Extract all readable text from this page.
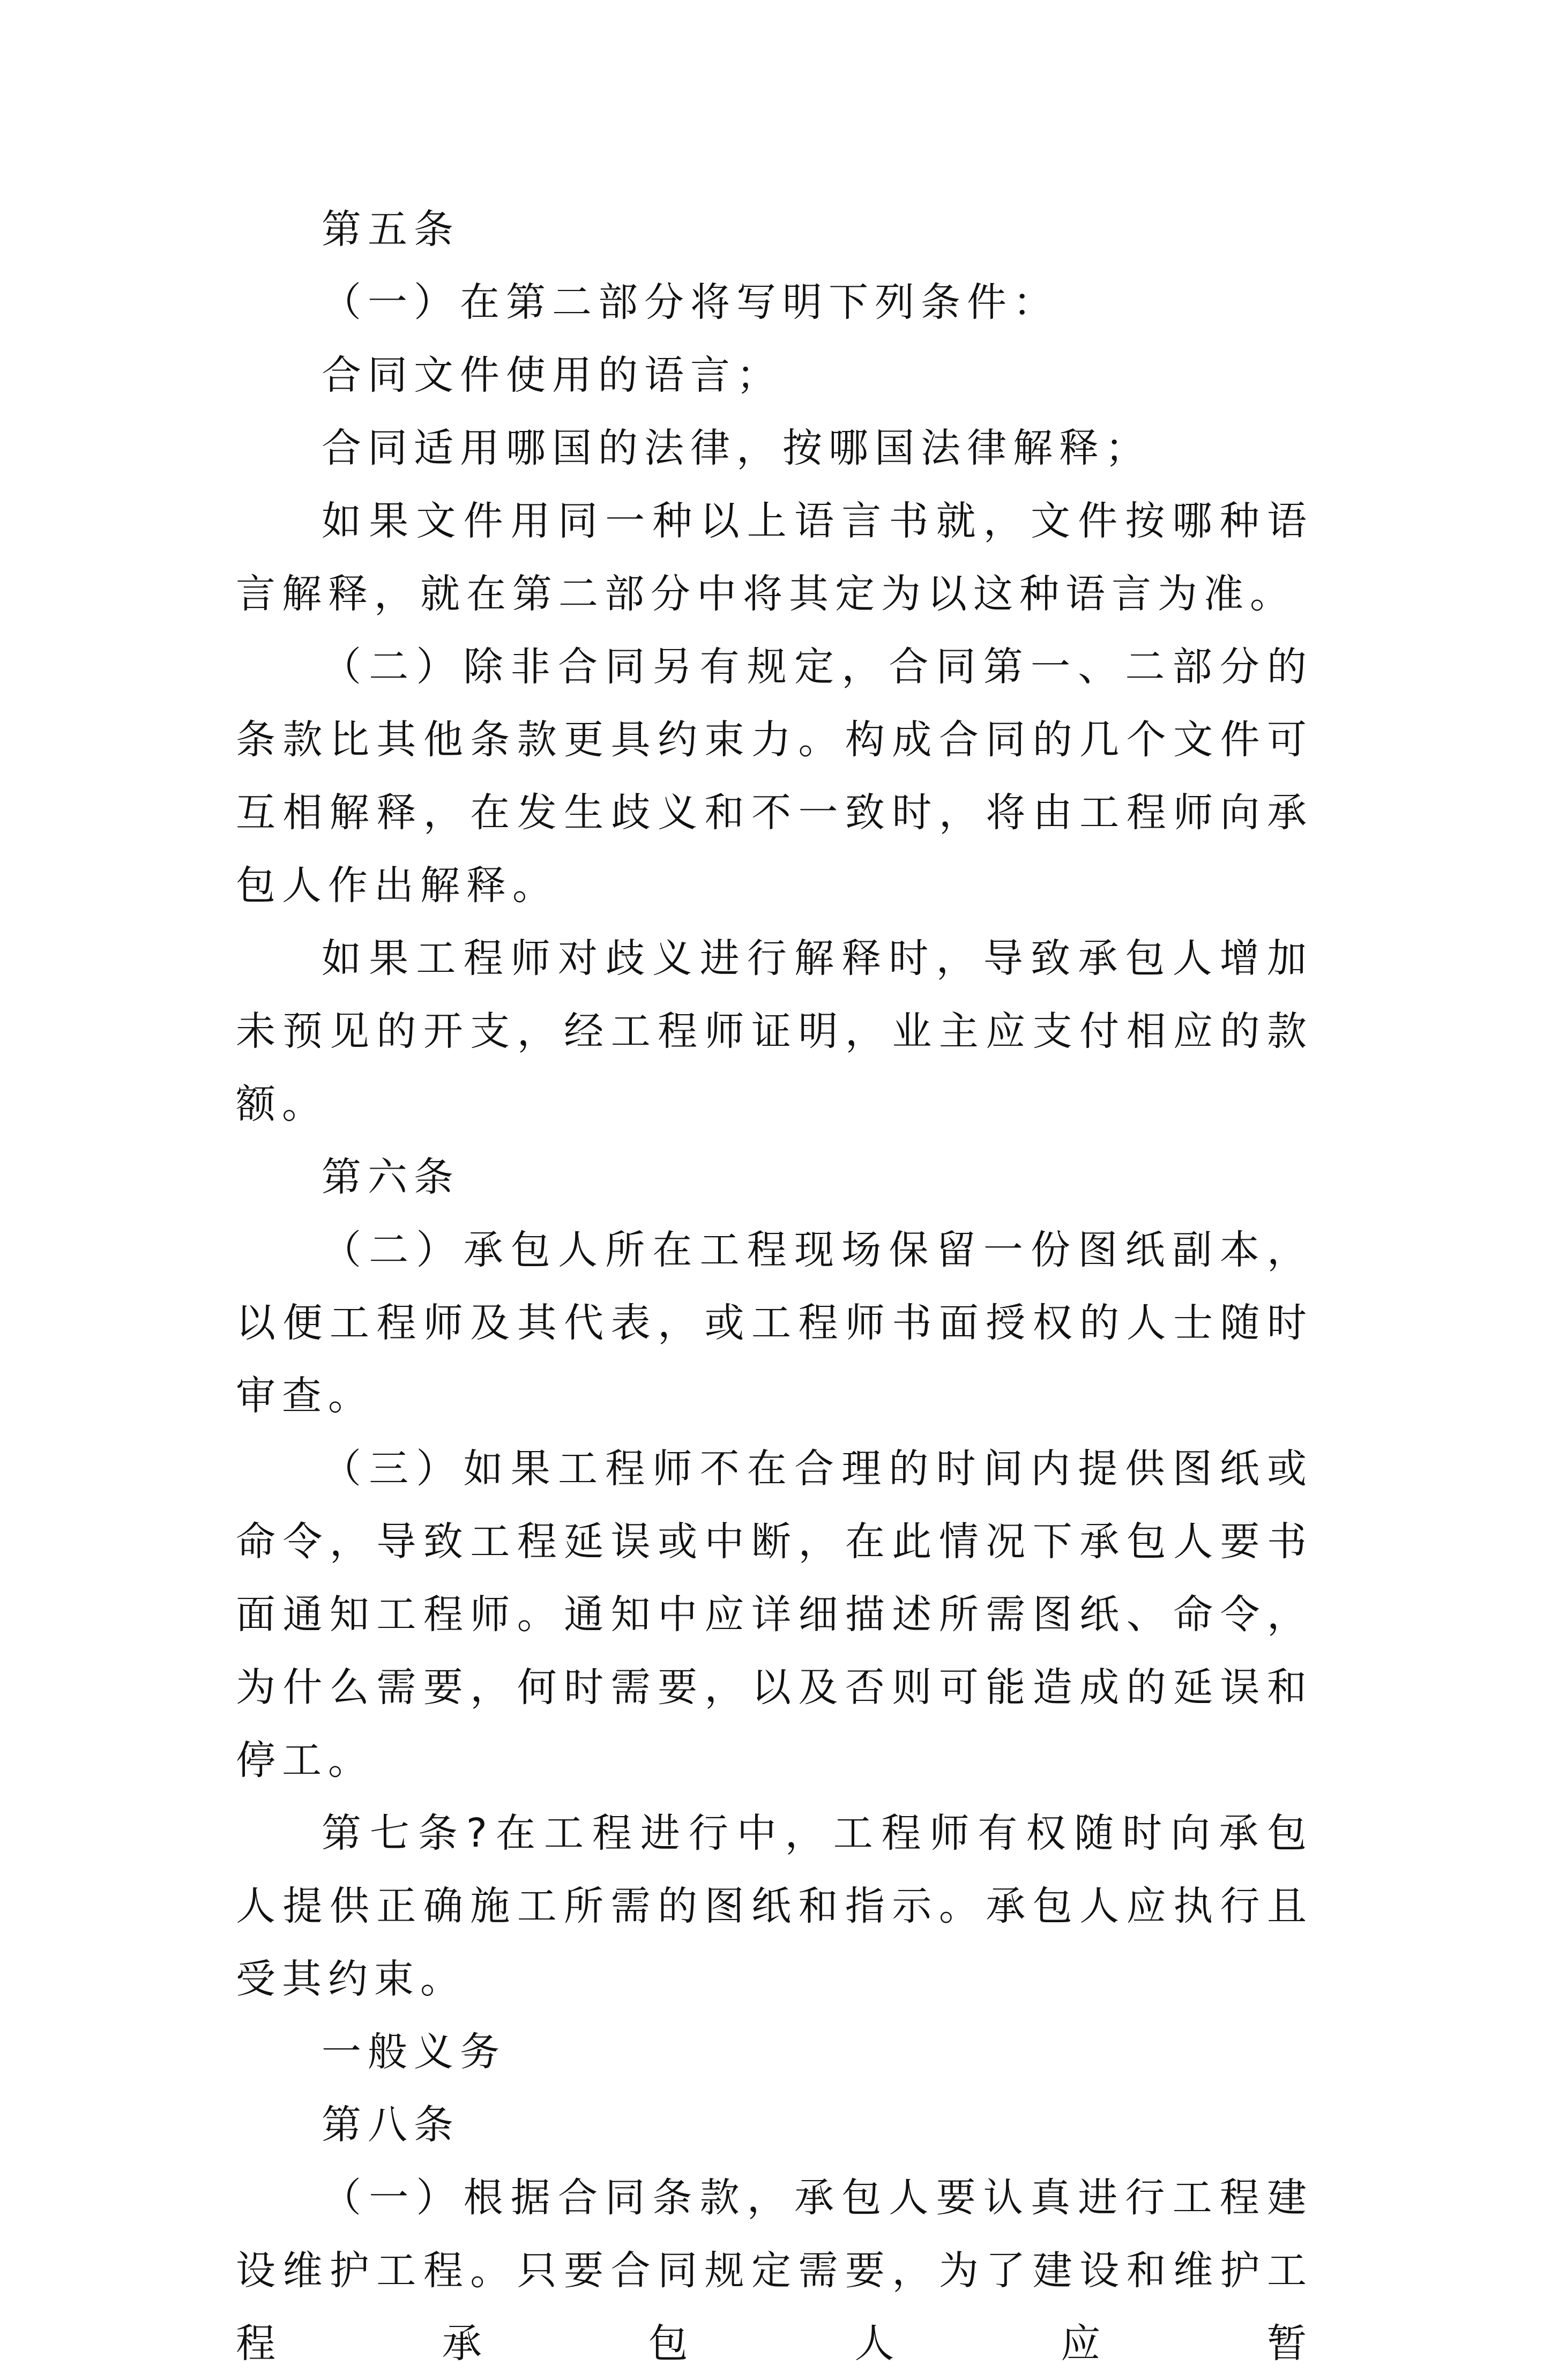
第五条

（一）在第二部分将写明下列条件：

合同文件使用的语言；

合同适用哪国的法律，按哪国法律解释；

如果文件用同一种以上语言书就，文件按哪种语言解释，就在第二部分中将其定为以这种语言为准。

（二）除非合同另有规定，合同第一、二部分的条款比其他条款更具约束力。构成合同的几个文件可互相解释，在发生歧义和不一致时，将由工程师向承包人作出解释。

如果工程师对歧义进行解释时，导致承包人增加未预见的开支，经工程师证明，业主应支付相应的款额。

第六条

（二）承包人所在工程现场保留一份图纸副本，以便工程师及其代表，或工程师书面授权的人士随时审查。

（三）如果工程师不在合理的时间内提供图纸或命令，导致工程延误或中断，在此情况下承包人要书面通知工程师。通知中应详细描述所需图纸、命令，为什么需要，何时需要，以及否则可能造成的延误和停工。

第七条?在工程进行中，工程师有权随时向承包人提供正确施工所需的图纸和指示。承包人应执行且受其约束。

一般义务

第八条

（一）根据合同条款，承包人要认真进行工程建设维护工程。只要合同规定需要，为了建设和维护工程承包人应暂
